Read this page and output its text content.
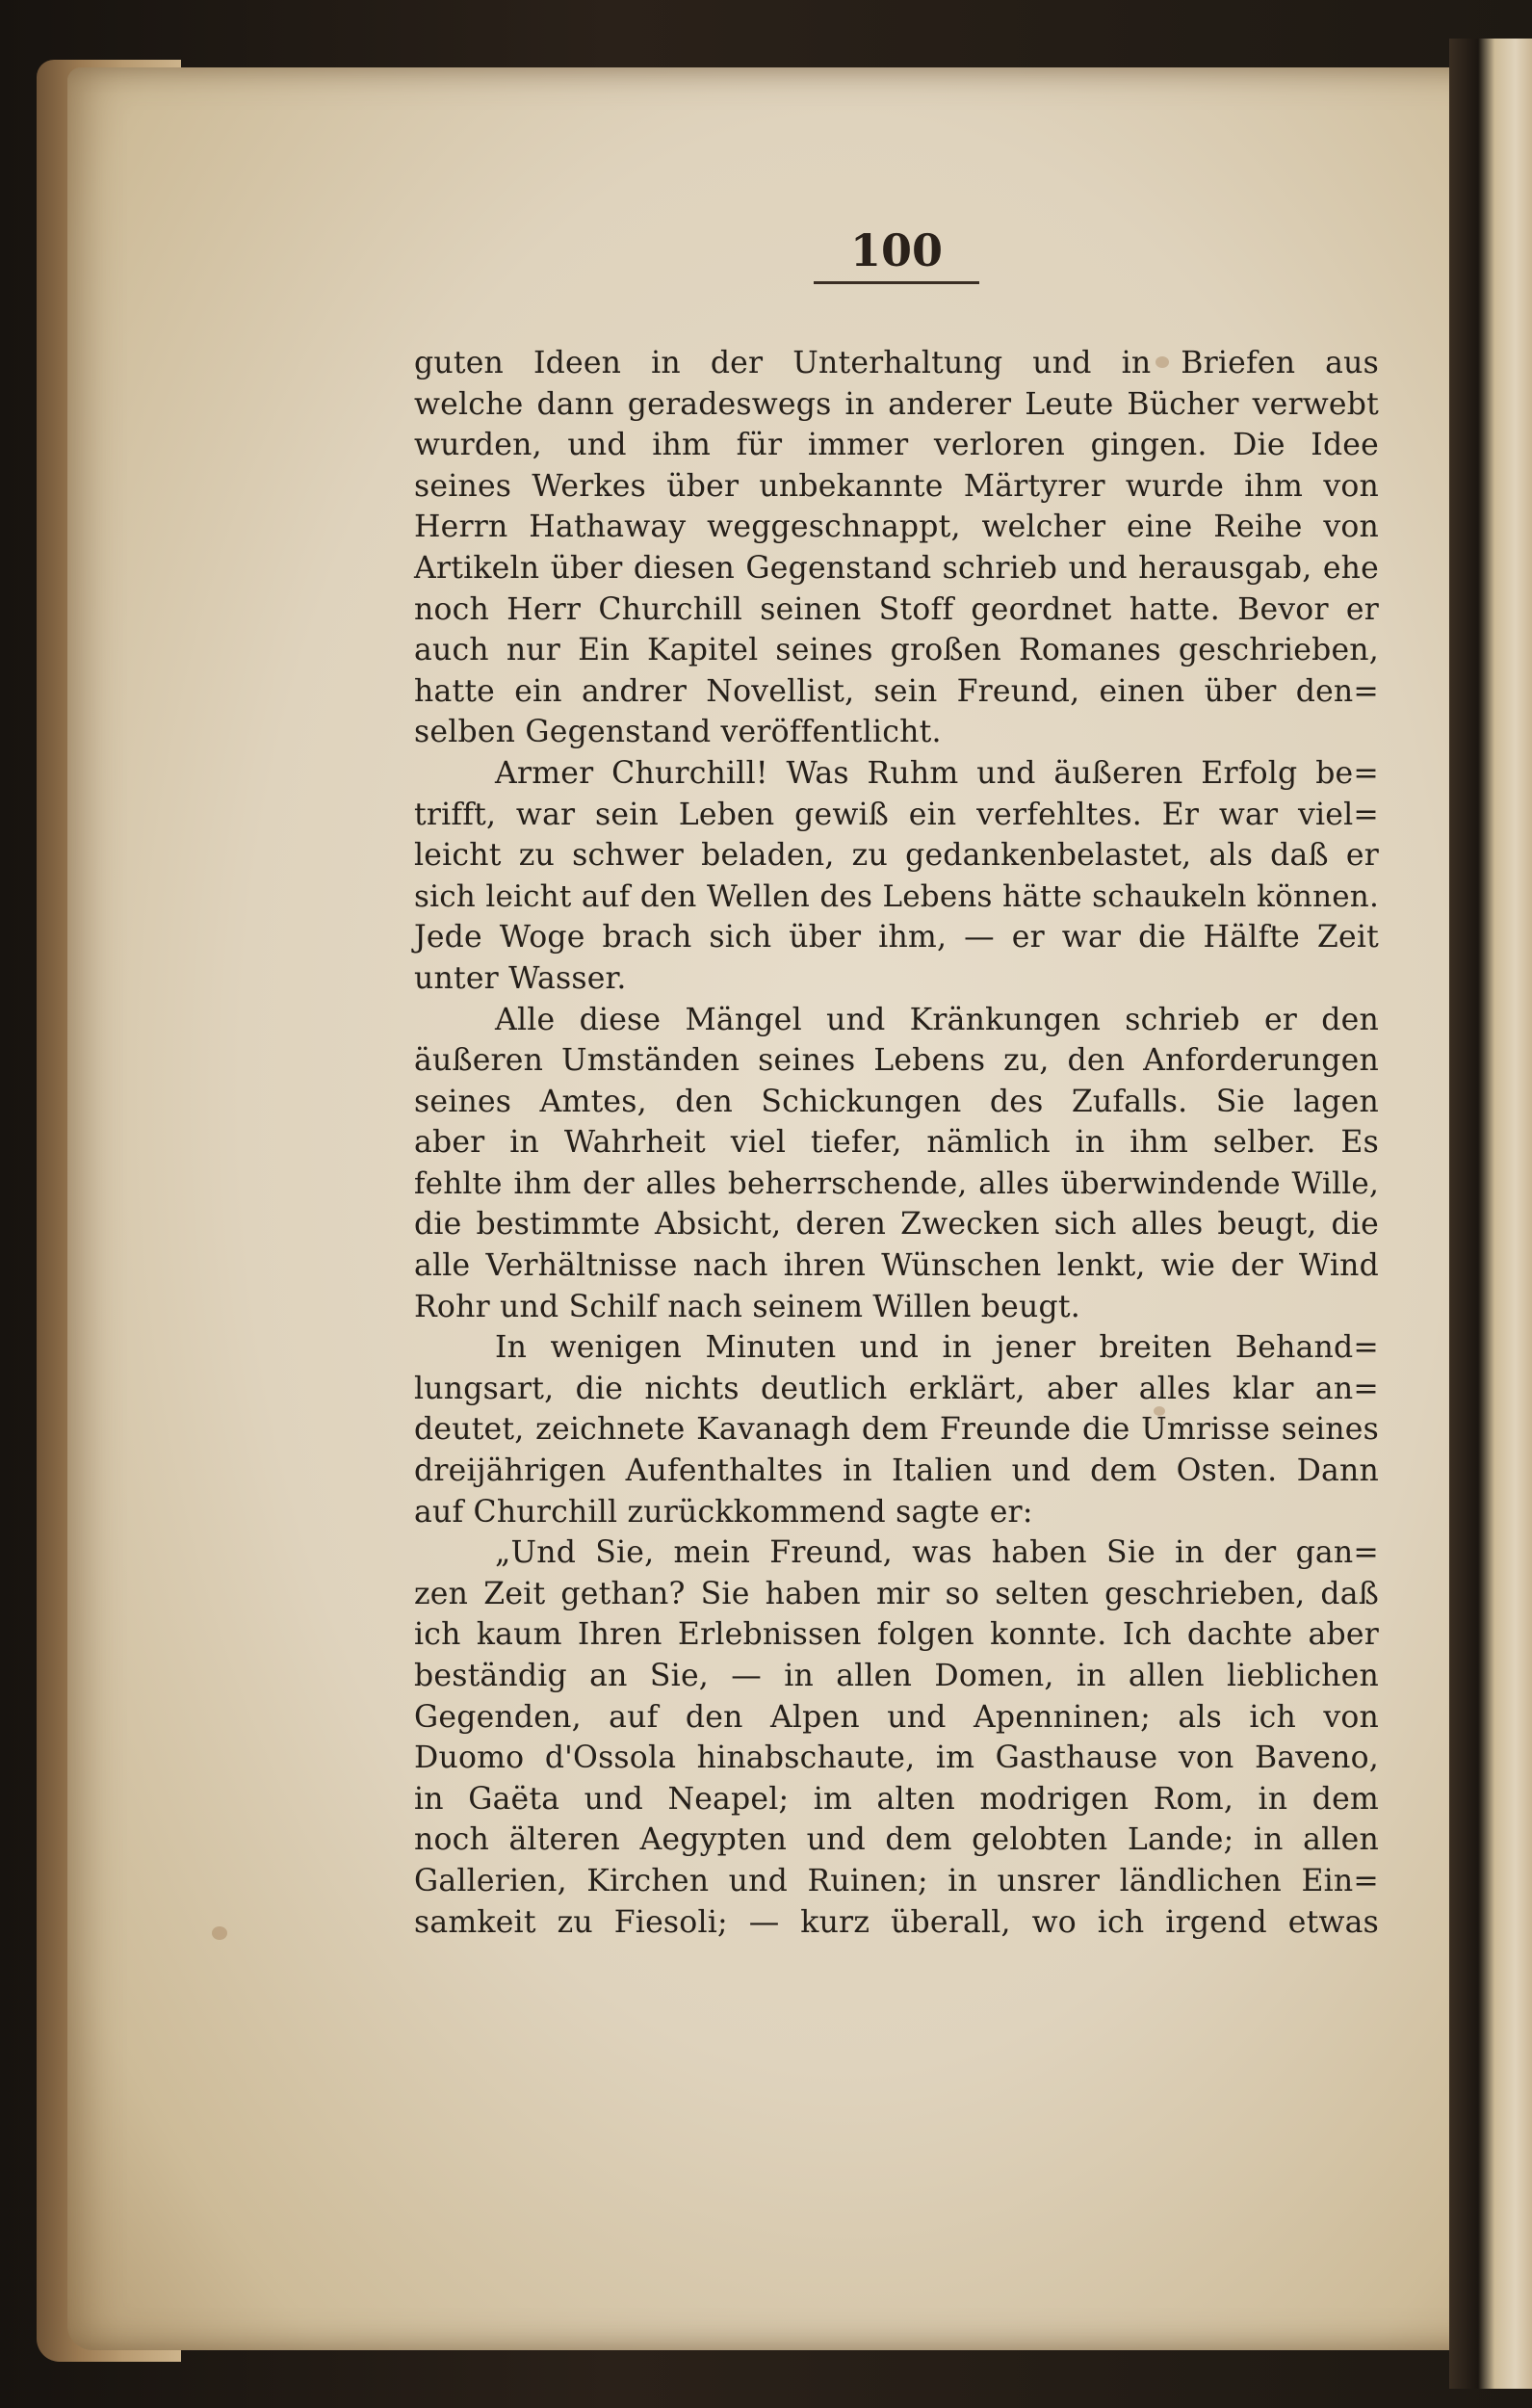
100
guten Ideen in der Unterhaltung und in Briefen aus
welche dann geradeswegs in anderer Leute Bücher verwebt
wurden, und ihm für immer verloren gingen. Die Idee
seines Werkes über unbekannte Märtyrer wurde ihm von
Herrn Hathaway weggeschnappt, welcher eine Reihe von
Artikeln über diesen Gegenstand schrieb und herausgab, ehe
noch Herr Churchill seinen Stoff geordnet hatte. Bevor er
auch nur Ein Kapitel seines großen Romanes geschrieben,
hatte ein andrer Novellist, sein Freund, einen über den=
selben Gegenstand veröffentlicht.
Armer Churchill! Was Ruhm und äußeren Erfolg be=
trifft, war sein Leben gewiß ein verfehltes. Er war viel=
leicht zu schwer beladen, zu gedankenbelastet, als daß er
sich leicht auf den Wellen des Lebens hätte schaukeln können.
Jede Woge brach sich über ihm, — er war die Hälfte Zeit
unter Wasser.
Alle diese Mängel und Kränkungen schrieb er den
äußeren Umständen seines Lebens zu, den Anforderungen
seines Amtes, den Schickungen des Zufalls. Sie lagen
aber in Wahrheit viel tiefer, nämlich in ihm selber. Es
fehlte ihm der alles beherrschende, alles überwindende Wille,
die bestimmte Absicht, deren Zwecken sich alles beugt, die
alle Verhältnisse nach ihren Wünschen lenkt, wie der Wind
Rohr und Schilf nach seinem Willen beugt.
In wenigen Minuten und in jener breiten Behand=
lungsart, die nichts deutlich erklärt, aber alles klar an=
deutet, zeichnete Kavanagh dem Freunde die Umrisse seines
dreijährigen Aufenthaltes in Italien und dem Osten. Dann
auf Churchill zurückkommend sagte er:
„Und Sie, mein Freund, was haben Sie in der gan=
zen Zeit gethan? Sie haben mir so selten geschrieben, daß
ich kaum Ihren Erlebnissen folgen konnte. Ich dachte aber
beständig an Sie, — in allen Domen, in allen lieblichen
Gegenden, auf den Alpen und Apenninen; als ich von
Duomo d'Ossola hinabschaute, im Gasthause von Baveno,
in Gaëta und Neapel; im alten modrigen Rom, in dem
noch älteren Aegypten und dem gelobten Lande; in allen
Gallerien, Kirchen und Ruinen; in unsrer ländlichen Ein=
samkeit zu Fiesoli; — kurz überall, wo ich irgend etwas
